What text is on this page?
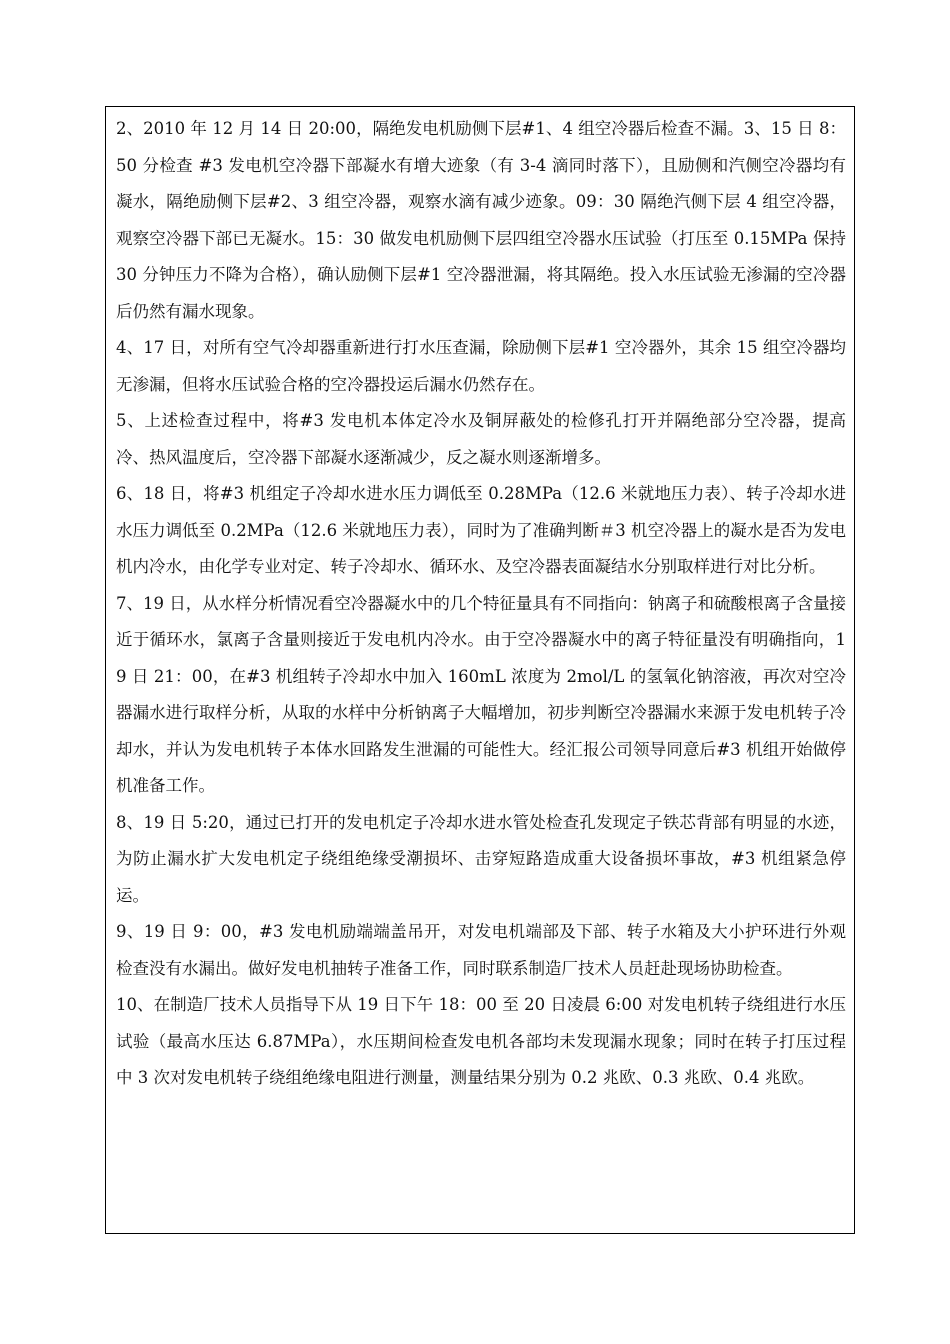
2、2010 年 12 月 14 日 20:00，隔绝发电机励侧下层#1、4 组空冷器后检查不漏。3、15 日 8：50 分检查 #3 发电机空冷器下部凝水有增大迹象（有 3-4 滴同时落下），且励侧和汽侧空冷器均有凝水，隔绝励侧下层#2、3 组空冷器，观察水滴有减少迹象。09：30 隔绝汽侧下层 4 组空冷器，观察空冷器下部已无凝水。15：30 做发电机励侧下层四组空冷器水压试验（打压至 0.15MPa 保持 30 分钟压力不降为合格），确认励侧下层#1 空冷器泄漏，将其隔绝。投入水压试验无渗漏的空冷器后仍然有漏水现象。

4、17 日，对所有空气冷却器重新进行打水压查漏，除励侧下层#1 空冷器外，其余 15 组空冷器均无渗漏，但将水压试验合格的空冷器投运后漏水仍然存在。

5、上述检查过程中，将#3 发电机本体定冷水及铜屏蔽处的检修孔打开并隔绝部分空冷器，提高冷、热风温度后，空冷器下部凝水逐渐减少，反之凝水则逐渐增多。

6、18 日，将#3 机组定子冷却水进水压力调低至 0.28MPa（12.6 米就地压力表）、转子冷却水进水压力调低至 0.2MPa（12.6 米就地压力表），同时为了准确判断＃3 机空冷器上的凝水是否为发电机内冷水，由化学专业对定、转子冷却水、循环水、及空冷器表面凝结水分别取样进行对比分析。

7、19 日，从水样分析情况看空冷器凝水中的几个特征量具有不同指向：钠离子和硫酸根离子含量接近于循环水，氯离子含量则接近于发电机内冷水。由于空冷器凝水中的离子特征量没有明确指向，19 日 21：00，在#3 机组转子冷却水中加入 160mL 浓度为 2mol/L 的氢氧化钠溶液，再次对空冷器漏水进行取样分析，从取的水样中分析钠离子大幅增加，初步判断空冷器漏水来源于发电机转子冷却水，并认为发电机转子本体水回路发生泄漏的可能性大。经汇报公司领导同意后#3 机组开始做停机准备工作。

8、19 日 5:20，通过已打开的发电机定子冷却水进水管处检查孔发现定子铁芯背部有明显的水迹，为防止漏水扩大发电机定子绕组绝缘受潮损坏、击穿短路造成重大设备损坏事故，#3 机组紧急停运。

9、19 日 9：00，#3 发电机励端端盖吊开，对发电机端部及下部、转子水箱及大小护环进行外观检查没有水漏出。做好发电机抽转子准备工作，同时联系制造厂技术人员赶赴现场协助检查。

10、在制造厂技术人员指导下从 19 日下午 18：00 至 20 日凌晨 6:00 对发电机转子绕组进行水压试验（最高水压达 6.87MPa），水压期间检查发电机各部均未发现漏水现象；同时在转子打压过程中 3 次对发电机转子绕组绝缘电阻进行测量，测量结果分别为 0.2 兆欧、0.3 兆欧、0.4 兆欧。
